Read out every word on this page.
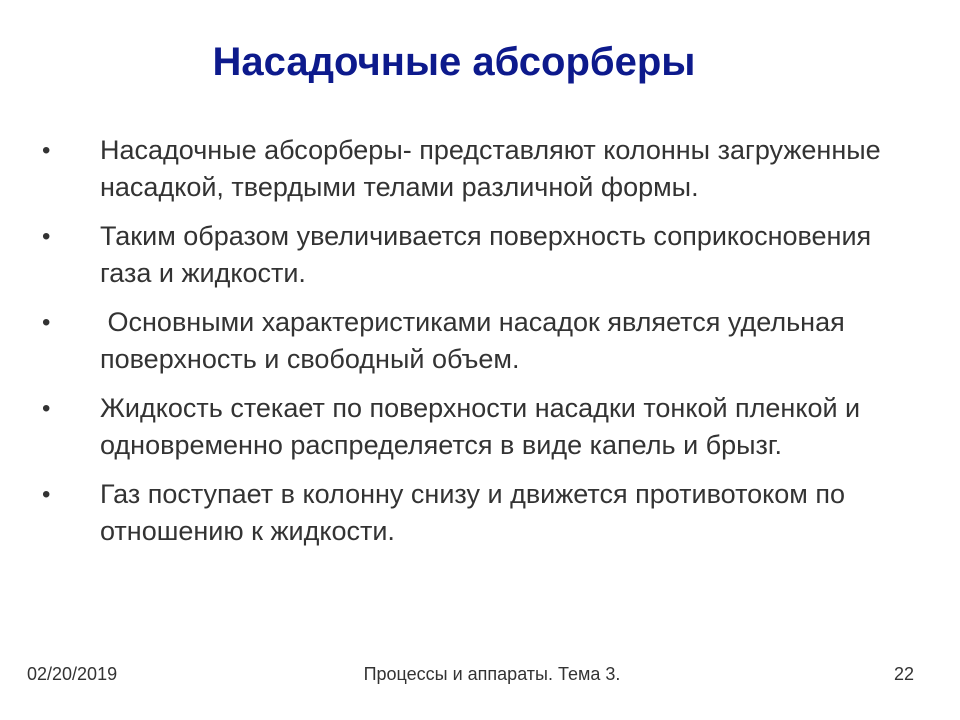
Насадочные абсорберы
•	Насадочные абсорберы- представляют колонны загруженные насадкой, твердыми телами различной формы.
•	Таким образом увеличивается поверхность соприкосновения газа и жидкости.
•	Основными характеристиками насадок является удельная поверхность и свободный объем.
•	Жидкость стекает по поверхности насадки тонкой пленкой и одновременно распределяется в виде капель и брызг.
•	Газ поступает в колонну снизу и движется противотоком по отношению к жидкости.
02/20/2019	Процессы и аппараты. Тема 3.	22
